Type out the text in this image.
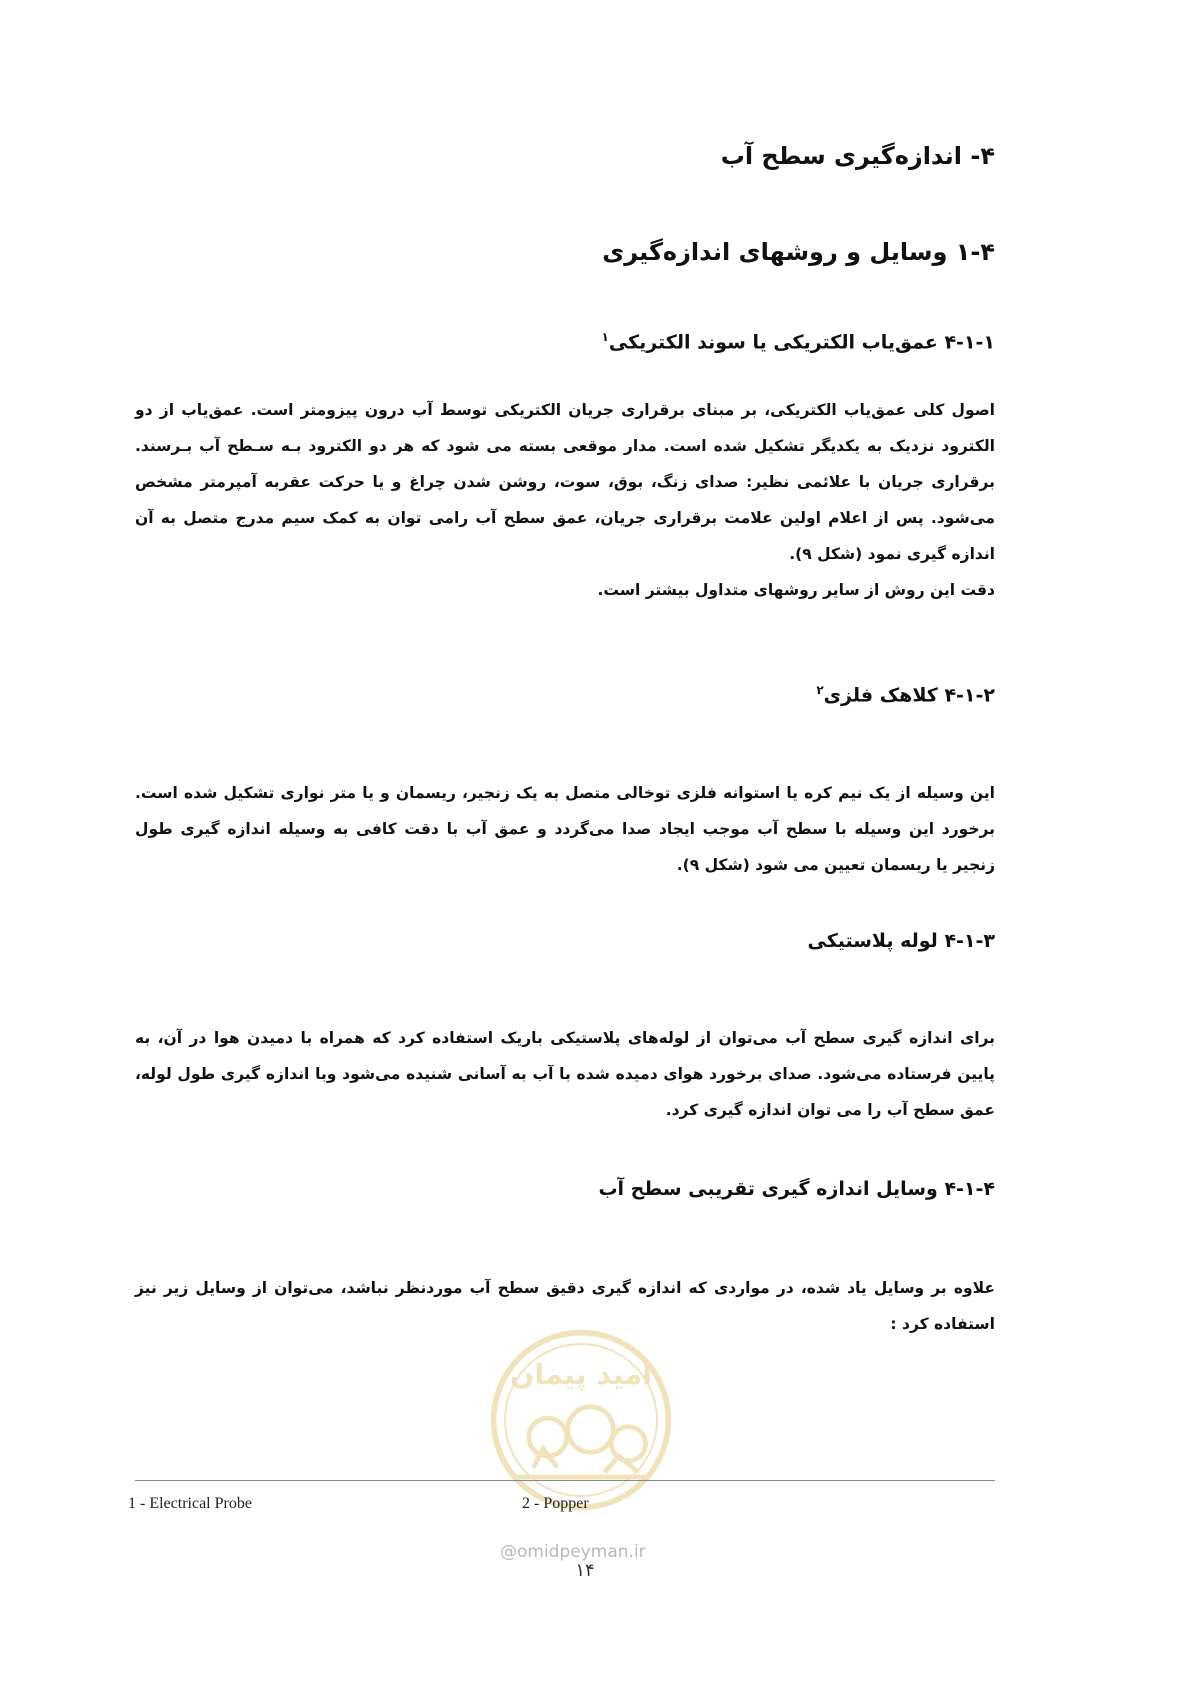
۴- اندازه‌گیری سطح آب
۱-۴ وسایل و روشهای اندازه‌گیری
۴-۱-۱ عمق‌یاب الکتریکی یا سوند الکتریکی$^۱$

اصول کلی عمق‌یاب الکتریکی، بر مبنای برقراری جریان الکتریکی توسط آب درون پیزومتر است. عمق‌یاب از دو الکترود نزدیک به یکدیگر تشکیل شده است. مدار موقعی بسته می شود که هر دو الکترود بـه سـطح آب بـرسند. برقراری جریان با علائمی نظیر: صدای زنگ، بوق، سوت، روشن شدن چراغ و یا حرکت عقربه آمپرمتر مشخص می‌شود. پس از اعلام اولین علامت برقراری جریان، عمق سطح آب رامی توان به کمک سیم مدرج متصل به آن اندازه گیری نمود (شکل ۹).

دقت این روش از سایر روشهای متداول بیشتر است.

۴-۱-۲ کلاهک فلزی$^۲$

این وسیله از یک نیم کره یا استوانه فلزی توخالی متصل به یک زنجیر، ریسمان و یا متر نواری تشکیل شده است. برخورد این وسیله با سطح آب موجب ایجاد صدا می‌گردد و عمق آب با دقت کافی به وسیله اندازه گیری طول زنجیر یا ریسمان تعیین می شود (شکل ۹).

۴-۱-۳ لوله پلاستیکی

برای اندازه گیری سطح آب می‌توان از لوله‌های پلاستیکی باریک استفاده کرد که همراه با دمیدن هوا در آن، به پایین فرستاده می‌شود. صدای برخورد هوای دمیده شده با آب به آسانی شنیده می‌شود وبا اندازه گیری طول لوله، عمق سطح آب را می توان اندازه گیری کرد.

۴-۱-۴ وسایل اندازه گیری تقریبی سطح آب

علاوه بر وسایل یاد شده، در مواردی که اندازه گیری دقیق سطح آب موردنظر نباشد، می‌توان از وسایل زیر نیز استفاده کرد :

امید پیمان
1 - Electrical Probe	2 - Popper
@omidpeyman.ir
۱۴
